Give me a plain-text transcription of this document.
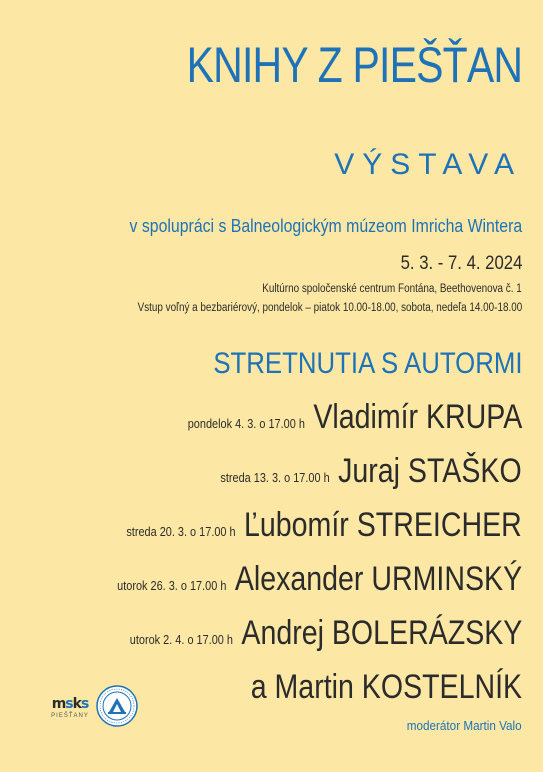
KNIHY Z PIEŠŤAN
VÝSTAVA
v spolupráci s Balneologickým múzeom Imricha Wintera
5. 3. - 7. 4. 2024
Kultúrno spoločenské centrum Fontána, Beethovenova č. 1
Vstup voľný a bezbariérový, pondelok – piatok 10.00-18.00, sobota, nedeľa 14.00-18.00
STRETNUTIA S AUTORMI
pondelok 4. 3. o 17.00 h Vladimír KRUPA
streda 13. 3. o 17.00 h Juraj STAŠKO
streda 20. 3. o 17.00 h Ľubomír STREICHER
utorok 26. 3. o 17.00 h Alexander URMINSKÝ
utorok 2. 4. o 17.00 h Andrej BOLERÁZSKY
a Martin KOSTELNÍK
moderátor Martin Valo
msks
PIEŠŤANY
